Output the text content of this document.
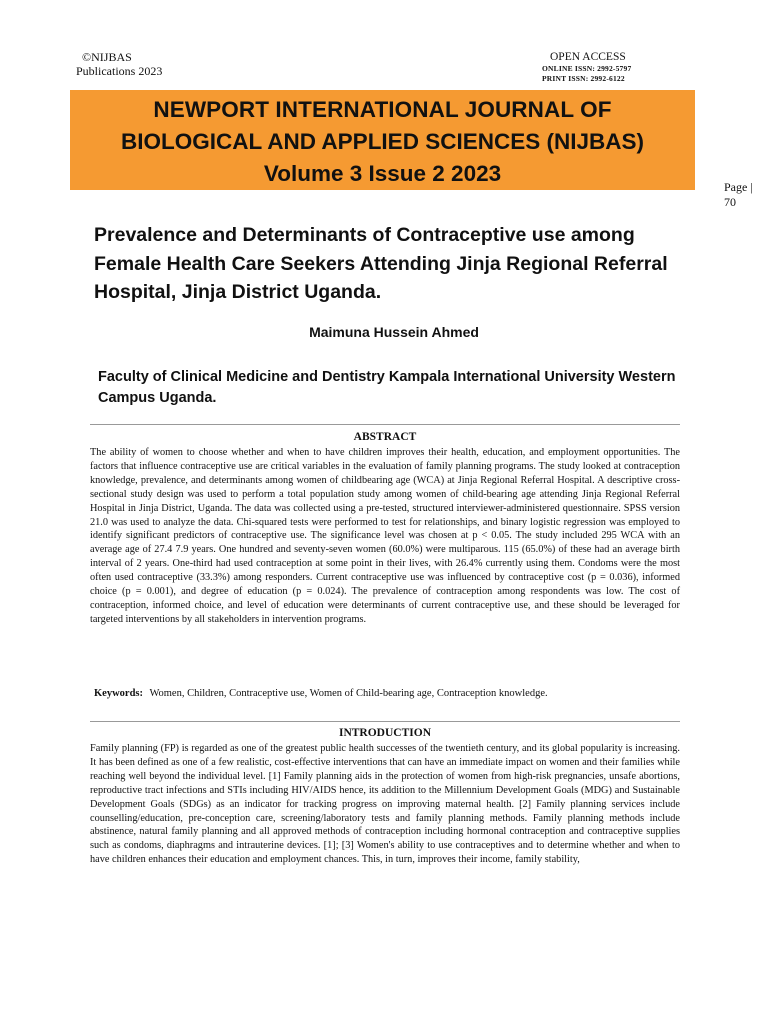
©NIJBAS
Publications 2023
OPEN ACCESS
ONLINE ISSN: 2992-5797
PRINT ISSN: 2992-6122
NEWPORT INTERNATIONAL JOURNAL OF
BIOLOGICAL AND APPLIED SCIENCES (NIJBAS)
Volume 3 Issue 2 2023
Page |
70
Prevalence and Determinants of Contraceptive use among Female Health Care Seekers Attending Jinja Regional Referral Hospital, Jinja District Uganda.
Maimuna Hussein Ahmed
Faculty of Clinical Medicine and Dentistry Kampala International University Western Campus Uganda.
ABSTRACT
The ability of women to choose whether and when to have children improves their health, education, and employment opportunities. The factors that influence contraceptive use are critical variables in the evaluation of family planning programs. The study looked at contraception knowledge, prevalence, and determinants among women of childbearing age (WCA) at Jinja Regional Referral Hospital. A descriptive cross-sectional study design was used to perform a total population study among women of child-bearing age attending Jinja Regional Referral Hospital in Jinja District, Uganda. The data was collected using a pre-tested, structured interviewer-administered questionnaire. SPSS version 21.0 was used to analyze the data. Chi-squared tests were performed to test for relationships, and binary logistic regression was employed to identify significant predictors of contraceptive use. The significance level was chosen at p < 0.05. The study included 295 WCA with an average age of 27.4 7.9 years. One hundred and seventy-seven women (60.0%) were multiparous. 115 (65.0%) of these had an average birth interval of 2 years. One-third had used contraception at some point in their lives, with 26.4% currently using them. Condoms were the most often used contraceptive (33.3%) among responders. Current contraceptive use was influenced by contraceptive cost (p = 0.036), informed choice (p = 0.001), and degree of education (p = 0.024). The prevalence of contraception among respondents was low. The cost of contraception, informed choice, and level of education were determinants of current contraceptive use, and these should be leveraged for targeted interventions by all stakeholders in intervention programs.
Keywords: Women, Children, Contraceptive use, Women of Child-bearing age, Contraception knowledge.
INTRODUCTION
Family planning (FP) is regarded as one of the greatest public health successes of the twentieth century, and its global popularity is increasing. It has been defined as one of a few realistic, cost-effective interventions that can have an immediate impact on women and their families while reaching well beyond the individual level. [1] Family planning aids in the protection of women from high-risk pregnancies, unsafe abortions, reproductive tract infections and STIs including HIV/AIDS hence, its addition to the Millennium Development Goals (MDG) and Sustainable Development Goals (SDGs) as an indicator for tracking progress on improving maternal health. [2] Family planning services include counselling/education, pre-conception care, screening/laboratory tests and family planning methods. Family planning methods include abstinence, natural family planning and all approved methods of contraception including hormonal contraception and contraceptive supplies such as condoms, diaphragms and intrauterine devices. [1]; [3] Women's ability to use contraceptives and to determine whether and when to have children enhances their education and employment chances. This, in turn, improves their income, family stability,
